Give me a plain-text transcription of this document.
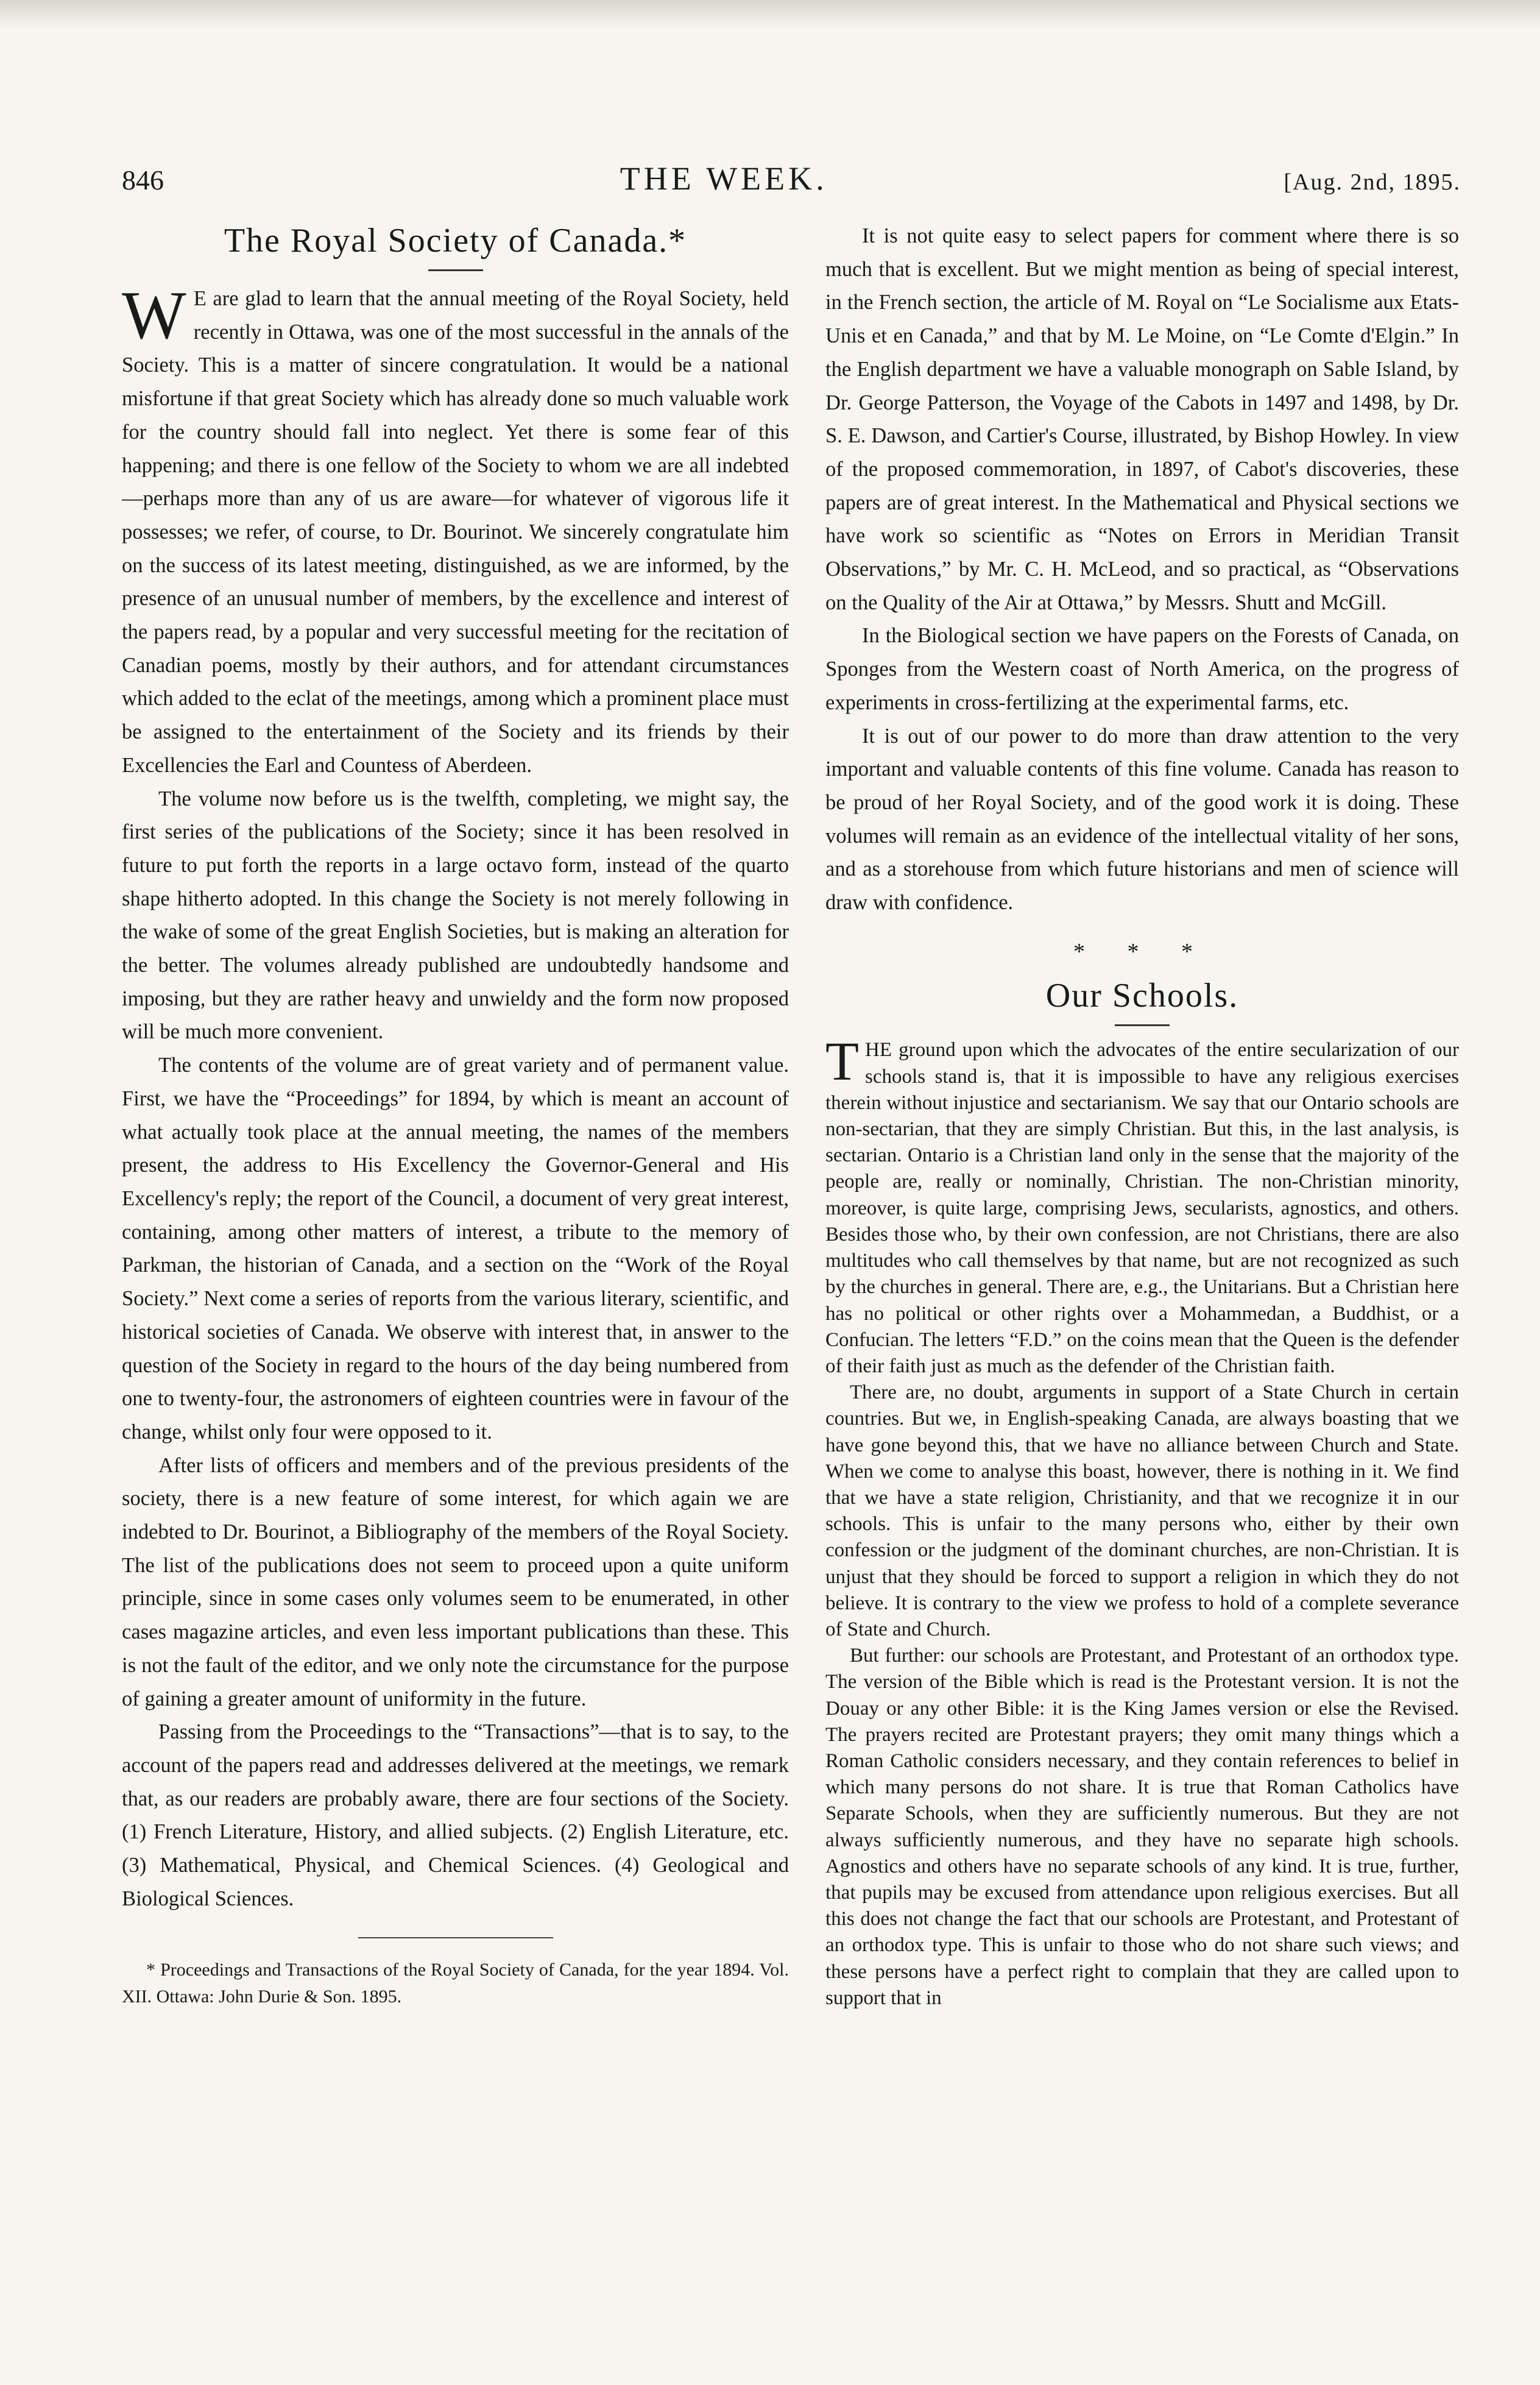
846	THE WEEK.	[Aug. 2nd, 1895.
The Royal Society of Canada.*

W E are glad to learn that the annual meeting of the Royal Society, held recently in Ottawa, was one of the most successful in the annals of the Society. This is a matter of sincere congratulation. It would be a national misfortune if that great Society which has already done so much valuable work for the country should fall into neglect. Yet there is some fear of this happening; and there is one fellow of the Society to whom we are all indebted—perhaps more than any of us are aware—for whatever of vigorous life it possesses; we refer, of course, to Dr. Bourinot. We sincerely congratulate him on the success of its latest meeting, distinguished, as we are informed, by the presence of an unusual number of members, by the excellence and interest of the papers read, by a popular and very successful meeting for the recitation of Canadian poems, mostly by their authors, and for attendant circumstances which added to the eclat of the meetings, among which a prominent place must be assigned to the entertainment of the Society and its friends by their Excellencies the Earl and Countess of Aberdeen.

The volume now before us is the twelfth, completing, we might say, the first series of the publications of the Society; since it has been resolved in future to put forth the reports in a large octavo form, instead of the quarto shape hitherto adopted. In this change the Society is not merely following in the wake of some of the great English Societies, but is making an alteration for the better. The volumes already published are undoubtedly handsome and imposing, but they are rather heavy and unwieldy and the form now proposed will be much more convenient.

The contents of the volume are of great variety and of permanent value. First, we have the “Proceedings” for 1894, by which is meant an account of what actually took place at the annual meeting, the names of the members present, the address to His Excellency the Governor-General and His Excellency's reply; the report of the Council, a document of very great interest, containing, among other matters of interest, a tribute to the memory of Parkman, the historian of Canada, and a section on the “Work of the Royal Society.” Next come a series of reports from the various literary, scientific, and historical societies of Canada. We observe with interest that, in answer to the question of the Society in regard to the hours of the day being numbered from one to twenty-four, the astronomers of eighteen countries were in favour of the change, whilst only four were opposed to it.

After lists of officers and members and of the previous presidents of the society, there is a new feature of some interest, for which again we are indebted to Dr. Bourinot, a Bibliography of the members of the Royal Society. The list of the publications does not seem to proceed upon a quite uniform principle, since in some cases only volumes seem to be enumerated, in other cases magazine articles, and even less important publications than these. This is not the fault of the editor, and we only note the circumstance for the purpose of gaining a greater amount of uniformity in the future.

Passing from the Proceedings to the “Transactions”—that is to say, to the account of the papers read and addresses delivered at the meetings, we remark that, as our readers are probably aware, there are four sections of the Society. (1) French Literature, History, and allied subjects. (2) English Literature, etc. (3) Mathematical, Physical, and Chemical Sciences. (4) Geological and Biological Sciences.

* Proceedings and Transactions of the Royal Society of Canada, for the year 1894. Vol. XII. Ottawa: John Durie & Son. 1895.

It is not quite easy to select papers for comment where there is so much that is excellent. But we might mention as being of special interest, in the French section, the article of M. Royal on “Le Socialisme aux Etats-Unis et en Canada,” and that by M. Le Moine, on “Le Comte d'Elgin.” In the English department we have a valuable monograph on Sable Island, by Dr. George Patterson, the Voyage of the Cabots in 1497 and 1498, by Dr. S. E. Dawson, and Cartier's Course, illustrated, by Bishop Howley. In view of the proposed commemoration, in 1897, of Cabot's discoveries, these papers are of great interest. In the Mathematical and Physical sections we have work so scientific as “Notes on Errors in Meridian Transit Observations,” by Mr. C. H. McLeod, and so practical, as “Observations on the Quality of the Air at Ottawa,” by Messrs. Shutt and McGill.

In the Biological section we have papers on the Forests of Canada, on Sponges from the Western coast of North America, on the progress of experiments in cross-fertilizing at the experimental farms, etc.

It is out of our power to do more than draw attention to the very important and valuable contents of this fine volume. Canada has reason to be proud of her Royal Society, and of the good work it is doing. These volumes will remain as an evidence of the intellectual vitality of her sons, and as a storehouse from which future historians and men of science will draw with confidence.

* * *
Our Schools.

THE ground upon which the advocates of the entire secularization of our schools stand is, that it is impossible to have any religious exercises therein without injustice and sectarianism. We say that our Ontario schools are non-sectarian, that they are simply Christian. But this, in the last analysis, is sectarian. Ontario is a Christian land only in the sense that the majority of the people are, really or nominally, Christian. The non-Christian minority, moreover, is quite large, comprising Jews, secularists, agnostics, and others. Besides those who, by their own confession, are not Christians, there are also multitudes who call themselves by that name, but are not recognized as such by the churches in general. There are, e.g., the Unitarians. But a Christian here has no political or other rights over a Mohammedan, a Buddhist, or a Confucian. The letters “F.D.” on the coins mean that the Queen is the defender of their faith just as much as the defender of the Christian faith.

There are, no doubt, arguments in support of a State Church in certain countries. But we, in English-speaking Canada, are always boasting that we have gone beyond this, that we have no alliance between Church and State. When we come to analyse this boast, however, there is nothing in it. We find that we have a state religion, Christianity, and that we recognize it in our schools. This is unfair to the many persons who, either by their own confession or the judgment of the dominant churches, are non-Christian. It is unjust that they should be forced to support a religion in which they do not believe. It is contrary to the view we profess to hold of a complete severance of State and Church.

But further: our schools are Protestant, and Protestant of an orthodox type. The version of the Bible which is read is the Protestant version. It is not the Douay or any other Bible: it is the King James version or else the Revised. The prayers recited are Protestant prayers; they omit many things which a Roman Catholic considers necessary, and they contain references to belief in which many persons do not share. It is true that Roman Catholics have Separate Schools, when they are sufficiently numerous. But they are not always sufficiently numerous, and they have no separate high schools. Agnostics and others have no separate schools of any kind. It is true, further, that pupils may be excused from attendance upon religious exercises. But all this does not change the fact that our schools are Protestant, and Protestant of an orthodox type. This is unfair to those who do not share such views; and these persons have a perfect right to complain that they are called upon to support that in
